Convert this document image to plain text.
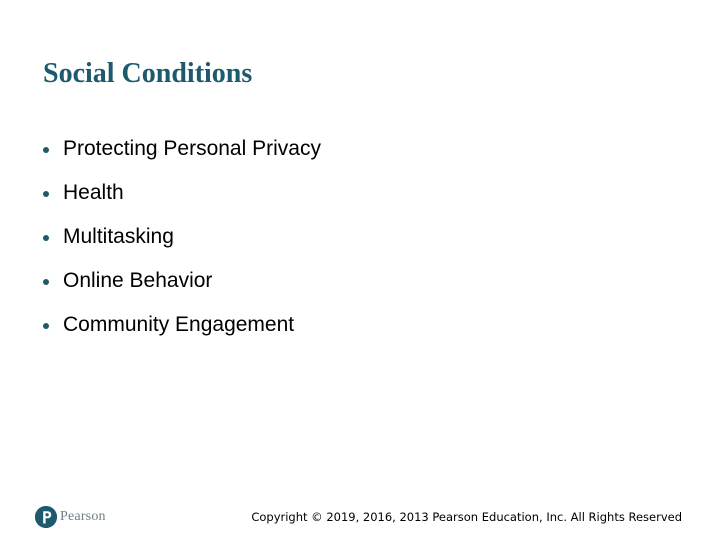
Social Conditions
Protecting Personal Privacy
Health
Multitasking
Online Behavior
Community Engagement
Pearson	Copyright © 2019, 2016, 2013 Pearson Education, Inc. All Rights Reserved
